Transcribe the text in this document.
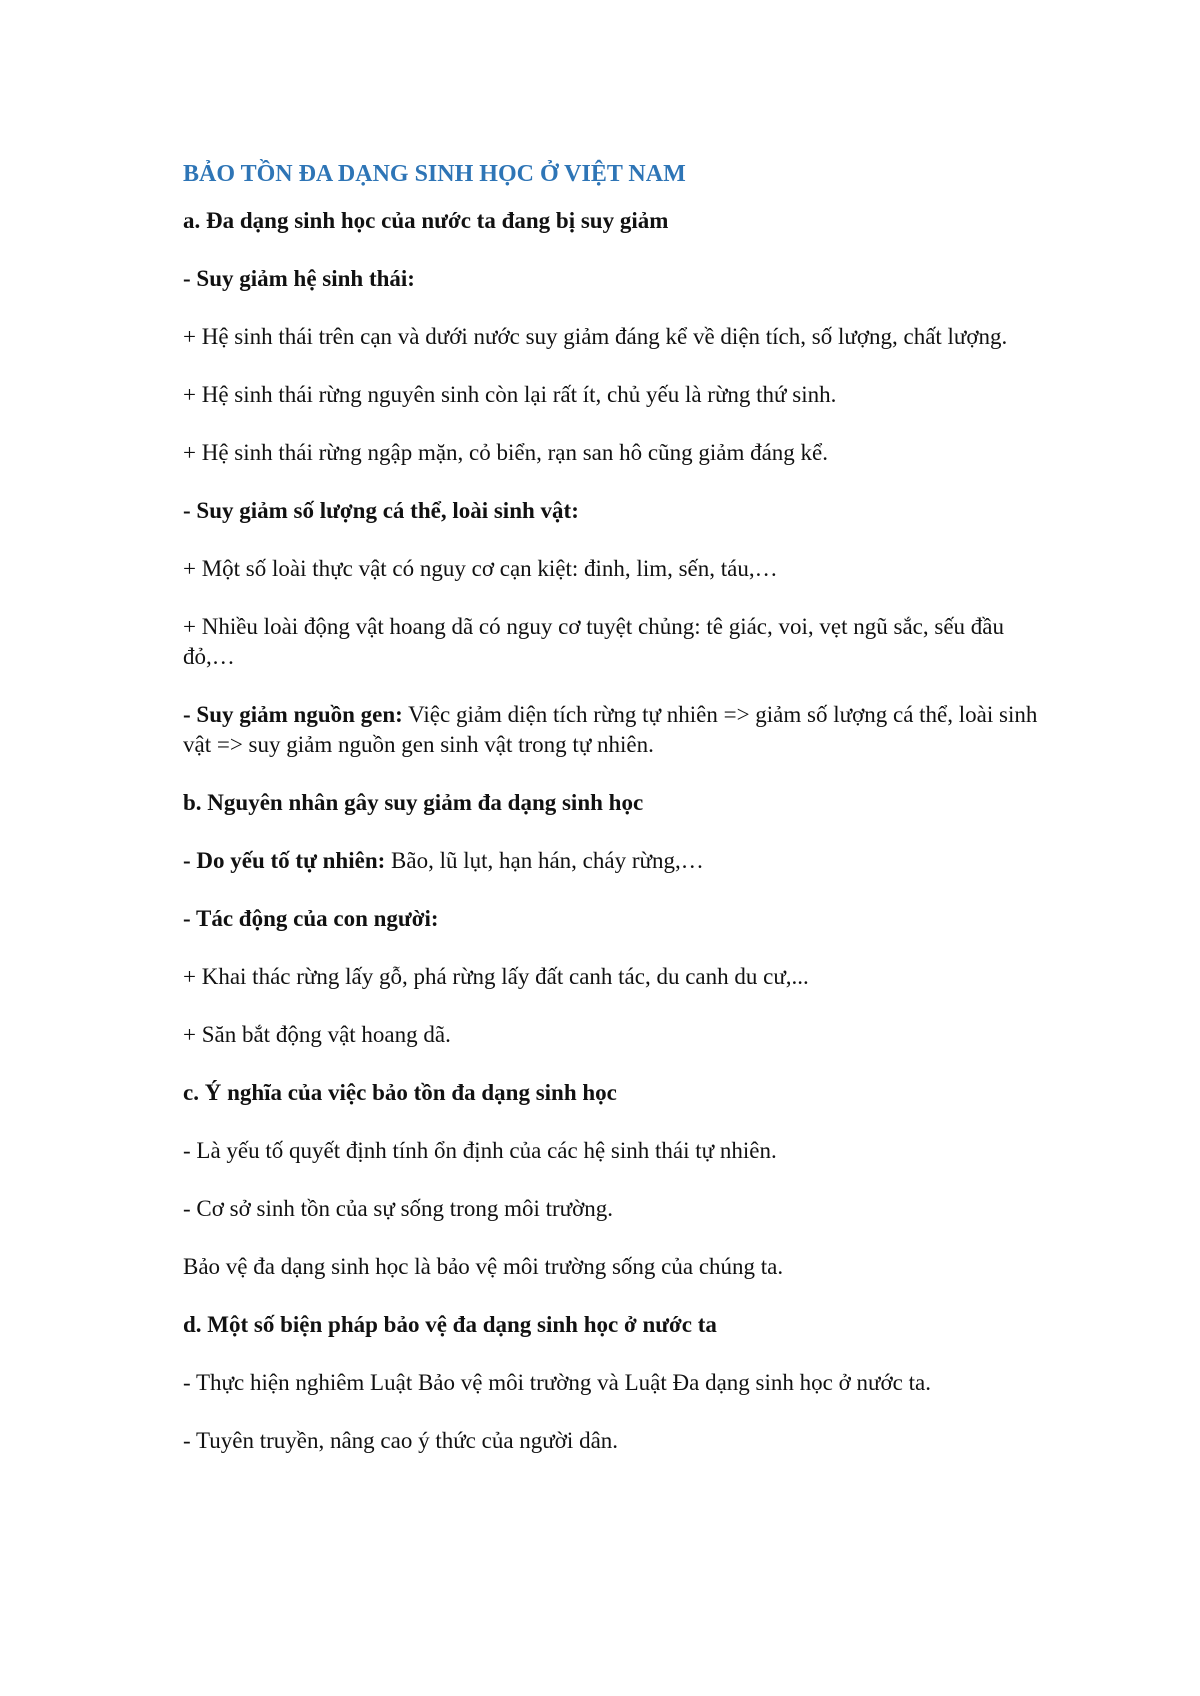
BẢO TỒN ĐA DẠNG SINH HỌC Ở VIỆT NAM
a. Đa dạng sinh học của nước ta đang bị suy giảm
- Suy giảm hệ sinh thái:

+ Hệ sinh thái trên cạn và dưới nước suy giảm đáng kể về diện tích, số lượng, chất lượng.

+ Hệ sinh thái rừng nguyên sinh còn lại rất ít, chủ yếu là rừng thứ sinh.

+ Hệ sinh thái rừng ngập mặn, cỏ biển, rạn san hô cũng giảm đáng kể.

- Suy giảm số lượng cá thể, loài sinh vật:

+ Một số loài thực vật có nguy cơ cạn kiệt: đinh, lim, sến, táu,…

+ Nhiều loài động vật hoang dã có nguy cơ tuyệt chủng: tê giác, voi, vẹt ngũ sắc, sếu đầu đỏ,…

- Suy giảm nguồn gen: Việc giảm diện tích rừng tự nhiên => giảm số lượng cá thể, loài sinh vật => suy giảm nguồn gen sinh vật trong tự nhiên.

b. Nguyên nhân gây suy giảm đa dạng sinh học

- Do yếu tố tự nhiên: Bão, lũ lụt, hạn hán, cháy rừng,…

- Tác động của con người:

+ Khai thác rừng lấy gỗ, phá rừng lấy đất canh tác, du canh du cư,...

+ Săn bắt động vật hoang dã.

c. Ý nghĩa của việc bảo tồn đa dạng sinh học

- Là yếu tố quyết định tính ổn định của các hệ sinh thái tự nhiên.

- Cơ sở sinh tồn của sự sống trong môi trường.

Bảo vệ đa dạng sinh học là bảo vệ môi trường sống của chúng ta.

d. Một số biện pháp bảo vệ đa dạng sinh học ở nước ta

- Thực hiện nghiêm Luật Bảo vệ môi trường và Luật Đa dạng sinh học ở nước ta.

- Tuyên truyền, nâng cao ý thức của người dân.
